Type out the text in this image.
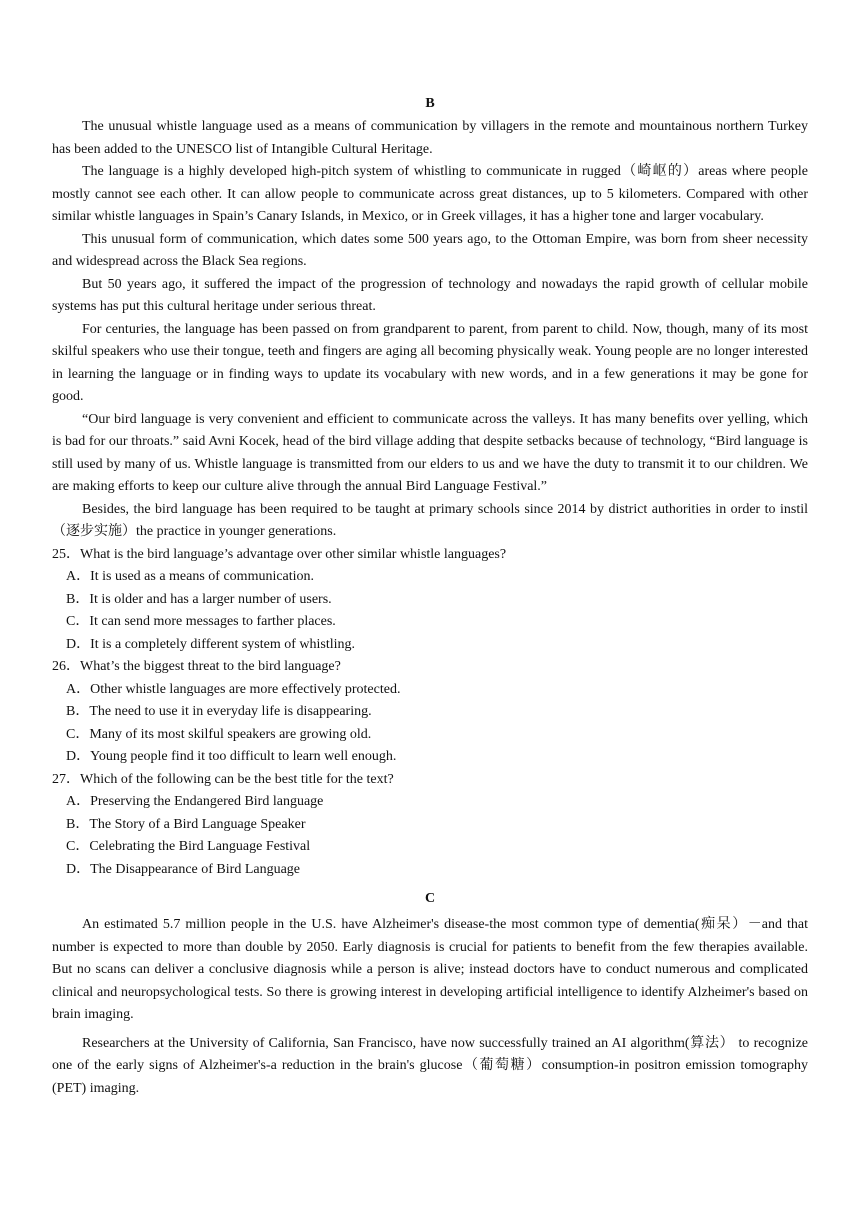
B

The unusual whistle language used as a means of communication by villagers in the remote and mountainous northern Turkey has been added to the UNESCO list of Intangible Cultural Heritage.

The language is a highly developed high-pitch system of whistling to communicate in rugged（崎岖的）areas where people mostly cannot see each other. It can allow people to communicate across great distances, up to 5 kilometers. Compared with other similar whistle languages in Spain’s Canary Islands, in Mexico, or in Greek villages, it has a higher tone and larger vocabulary.

This unusual form of communication, which dates some 500 years ago, to the Ottoman Empire, was born from sheer necessity and widespread across the Black Sea regions.

But 50 years ago, it suffered the impact of the progression of technology and nowadays the rapid growth of cellular mobile systems has put this cultural heritage under serious threat.

For centuries, the language has been passed on from grandparent to parent, from parent to child. Now, though, many of its most skilful speakers who use their tongue, teeth and fingers are aging all becoming physically weak. Young people are no longer interested in learning the language or in finding ways to update its vocabulary with new words, and in a few generations it may be gone for good.

“Our bird language is very convenient and efficient to communicate across the valleys. It has many benefits over yelling, which is bad for our throats.” said Avni Kocek, head of the bird village adding that despite setbacks because of technology, “Bird language is still used by many of us. Whistle language is transmitted from our elders to us and we have the duty to transmit it to our children. We are making efforts to keep our culture alive through the annual Bird Language Festival.”

Besides, the bird language has been required to be taught at primary schools since 2014 by district authorities in order to instil（逐步实施）the practice in younger generations.

25．What is the bird language’s advantage over other similar whistle languages?

A．It is used as a means of communication.

B．It is older and has a larger number of users.

C．It can send more messages to farther places.

D．It is a completely different system of whistling.

26．What’s the biggest threat to the bird language?

A．Other whistle languages are more effectively protected.

B．The need to use it in everyday life is disappearing.

C．Many of its most skilful speakers are growing old.

D．Young people find it too difficult to learn well enough.

27．Which of the following can be the best title for the text?

A．Preserving the Endangered Bird language

B．The Story of a Bird Language Speaker

C．Celebrating the Bird Language Festival

D．The Disappearance of Bird Language

C

An estimated 5.7 million people in the U.S. have Alzheimer's disease-the most common type of dementia(痴呆）－and that number is expected to more than double by 2050. Early diagnosis is crucial for patients to benefit from the few therapies available. But no scans can deliver a conclusive diagnosis while a person is alive; instead doctors have to conduct numerous and complicated clinical and neuropsychological tests. So there is growing interest in developing artificial intelligence to identify Alzheimer's based on brain imaging.

Researchers at the University of California, San Francisco, have now successfully trained an AI algorithm(算法） to recognize one of the early signs of Alzheimer's-a reduction in the brain's glucose（葡萄糖）consumption-in positron emission tomography (PET) imaging.
